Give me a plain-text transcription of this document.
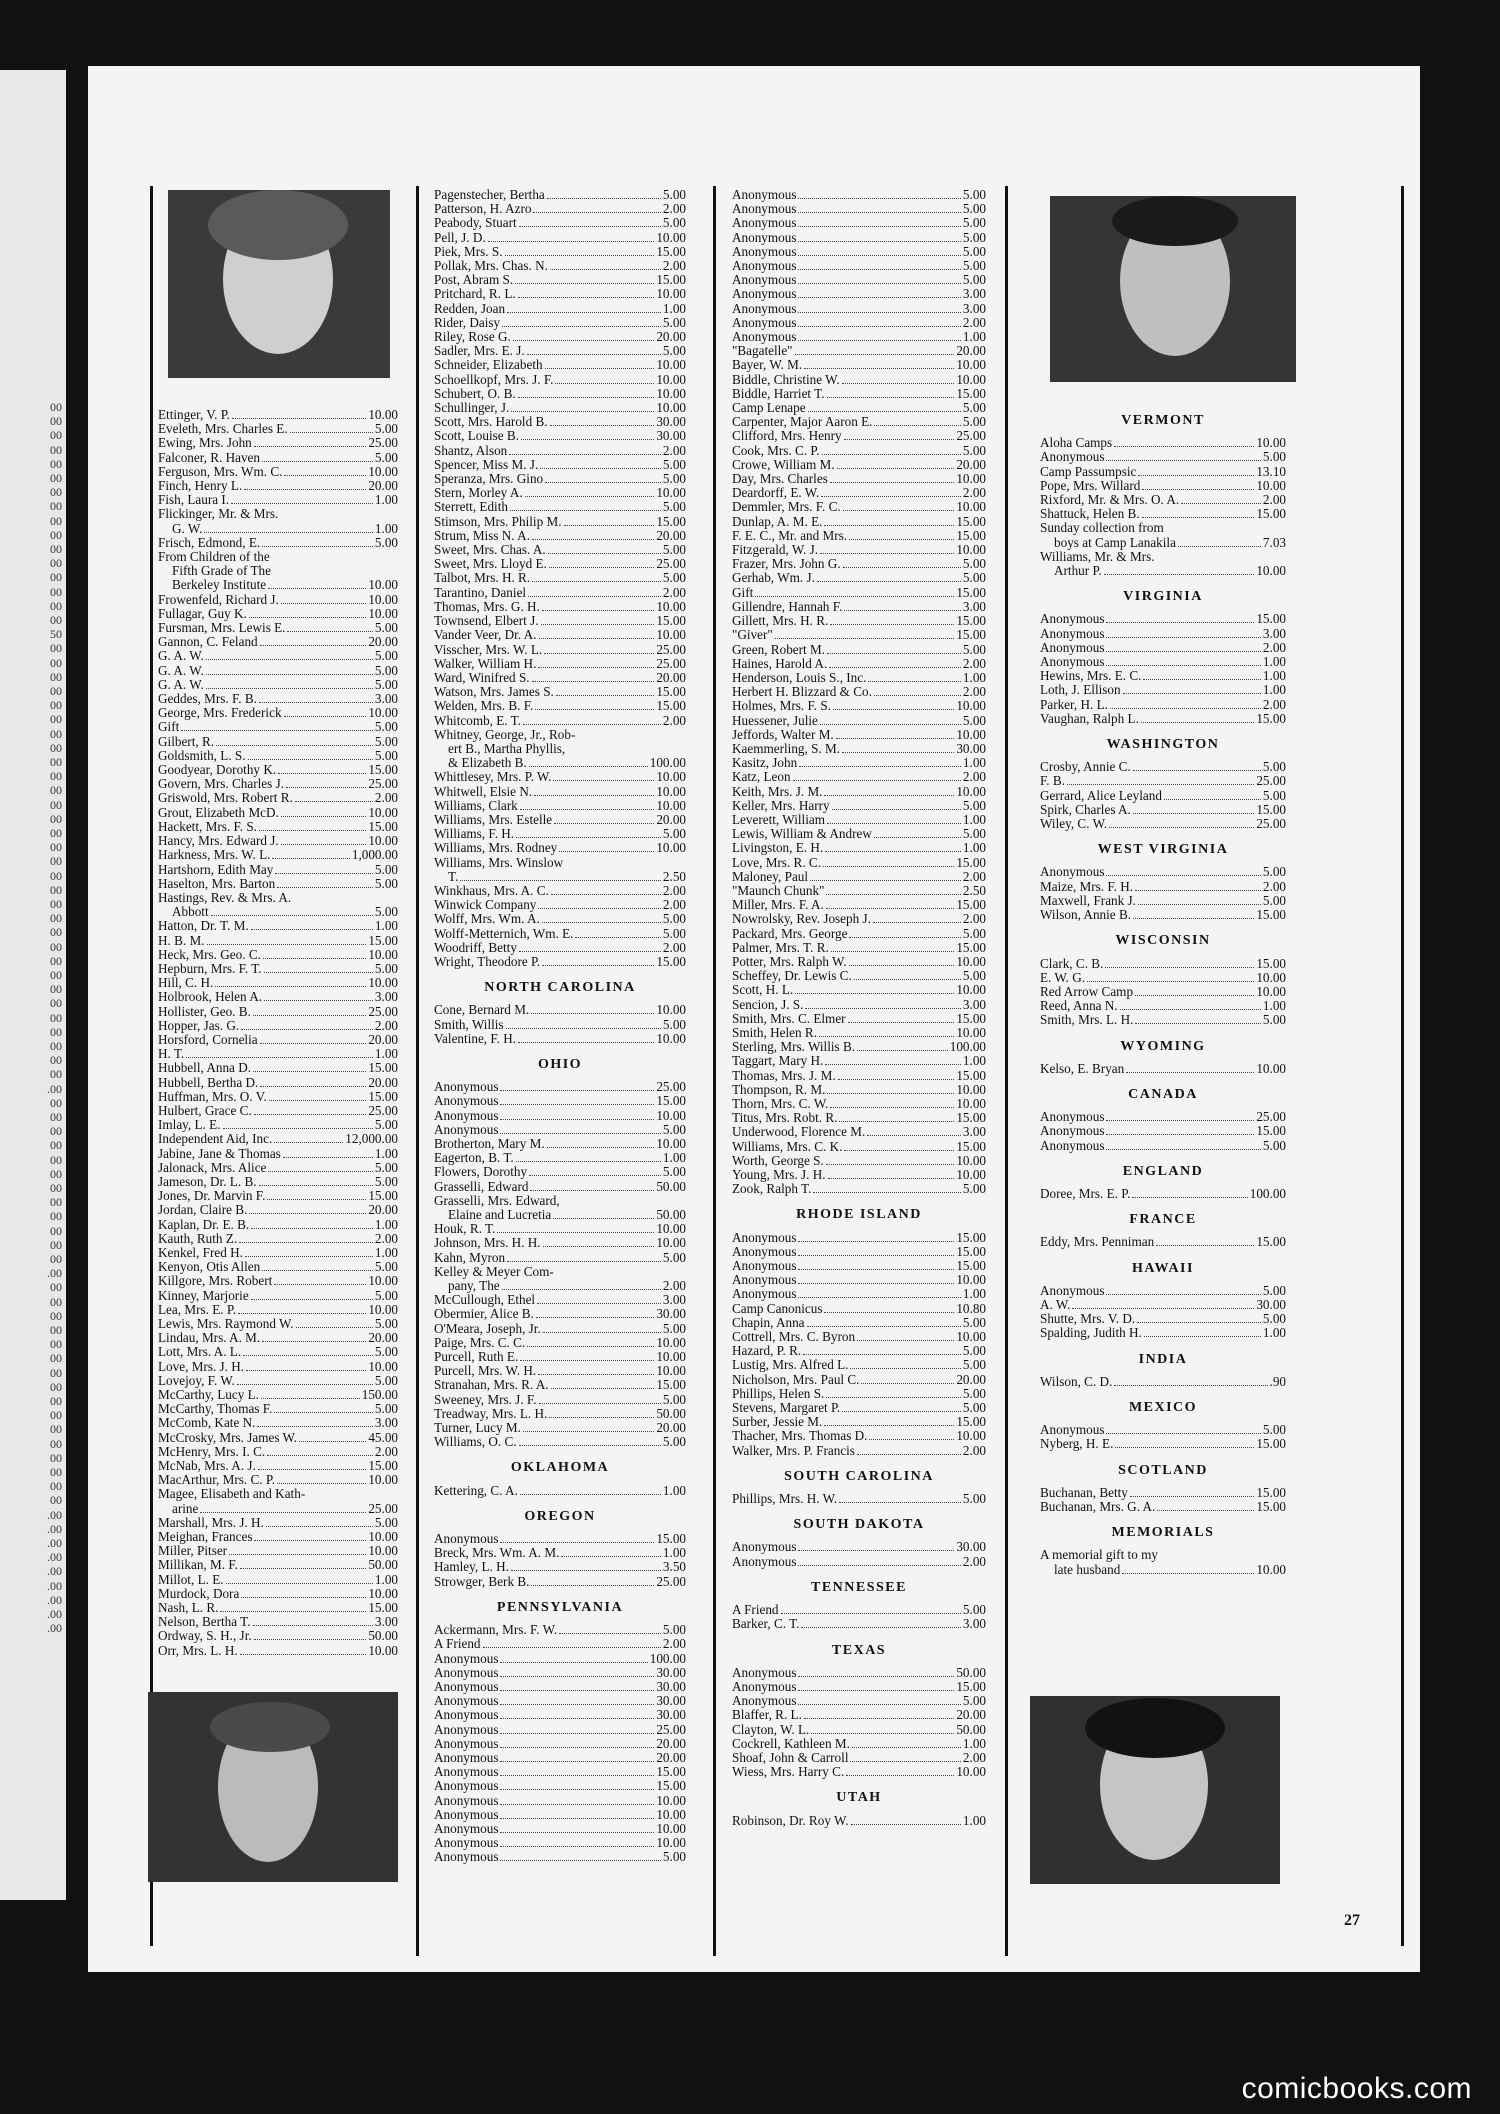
00
00
00
00
00
00
00
00
00
00
00
00
00
00
00
00
50
00
00
00
00
00
00
00
00
00
00
00
00
00
00
00
00
00
00
00
00
00
00
00
00
00
00
00
00
00
00
00
.00
00
00
00
00
00
00
00
00
00
00
00
00
.00
00
00
00
00
00
00
00
00
00
00
00
00
00
00
00
00
.00
.00
.00
.00
.00
.00
.00
.00
.00
Ettinger, V. P.	10.00
Eveleth, Mrs. Charles E.	5.00
Ewing, Mrs. John	25.00
Falconer, R. Haven	5.00
Ferguson, Mrs. Wm. C.	10.00
Finch, Henry L.	20.00
Fish, Laura I.	1.00
Flickinger, Mr. & Mrs.
G. W.	1.00
Frisch, Edmond, E.	5.00
From Children of the
Fifth Grade of The
Berkeley Institute	10.00
Frowenfeld, Richard J.	10.00
Fullagar, Guy K.	10.00
Fursman, Mrs. Lewis E.	5.00
Gannon, C. Feland	20.00
G. A. W.	5.00
G. A. W.	5.00
G. A. W.	5.00
Geddes, Mrs. F. B.	3.00
George, Mrs. Frederick	10.00
Gift	5.00
Gilbert, R.	5.00
Goldsmith, L. S.	5.00
Goodyear, Dorothy K.	15.00
Govern, Mrs. Charles J.	25.00
Griswold, Mrs. Robert R.	2.00
Grout, Elizabeth McD.	10.00
Hackett, Mrs. F. S.	15.00
Hancy, Mrs. Edward J.	10.00
Harkness, Mrs. W. L.	1,000.00
Hartshorn, Edith May	5.00
Haselton, Mrs. Barton	5.00
Hastings, Rev. & Mrs. A.
Abbott	5.00
Hatton, Dr. T. M.	1.00
H. B. M.	15.00
Heck, Mrs. Geo. C.	10.00
Hepburn, Mrs. F. T.	5.00
Hill, C. H.	10.00
Holbrook, Helen A.	3.00
Hollister, Geo. B.	25.00
Hopper, Jas. G.	2.00
Horsford, Cornelia	20.00
H. T.	1.00
Hubbell, Anna D.	15.00
Hubbell, Bertha D.	20.00
Huffman, Mrs. O. V.	15.00
Hulbert, Grace C.	25.00
Imlay, L. E.	5.00
Independent Aid, Inc.	12,000.00
Jabine, Jane & Thomas	1.00
Jalonack, Mrs. Alice	5.00
Jameson, Dr. L. B.	5.00
Jones, Dr. Marvin F.	15.00
Jordan, Claire B.	20.00
Kaplan, Dr. E. B.	1.00
Kauth, Ruth Z.	2.00
Kenkel, Fred H.	1.00
Kenyon, Otis Allen	5.00
Killgore, Mrs. Robert	10.00
Kinney, Marjorie	5.00
Lea, Mrs. E. P.	10.00
Lewis, Mrs. Raymond W.	5.00
Lindau, Mrs. A. M.	20.00
Lott, Mrs. A. L.	5.00
Love, Mrs. J. H.	10.00
Lovejoy, F. W.	5.00
McCarthy, Lucy L.	150.00
McCarthy, Thomas F.	5.00
McComb, Kate N.	3.00
McCrosky, Mrs. James W.	45.00
McHenry, Mrs. I. C.	2.00
McNab, Mrs. A. J.	15.00
MacArthur, Mrs. C. P.	10.00
Magee, Elisabeth and Kath-
arine	25.00
Marshall, Mrs. J. H.	5.00
Meighan, Frances	10.00
Miller, Pitser	10.00
Millikan, M. F.	50.00
Millot, L. E.	1.00
Murdock, Dora	10.00
Nash, L. R.	15.00
Nelson, Bertha T.	3.00
Ordway, S. H., Jr.	50.00
Orr, Mrs. L. H.	10.00
Pagenstecher, Bertha	5.00
Patterson, H. Azro	2.00
Peabody, Stuart	5.00
Pell, J. D.	10.00
Piek, Mrs. S.	15.00
Pollak, Mrs. Chas. N.	2.00
Post, Abram S.	15.00
Pritchard, R. L.	10.00
Redden, Joan	1.00
Rider, Daisy	5.00
Riley, Rose G.	20.00
Sadler, Mrs. E. J.	5.00
Schneider, Elizabeth	10.00
Schoellkopf, Mrs. J. F.	10.00
Schubert, O. B.	10.00
Schullinger, J.	10.00
Scott, Mrs. Harold B.	30.00
Scott, Louise B.	30.00
Shantz, Alson	2.00
Spencer, Miss M. J.	5.00
Speranza, Mrs. Gino	5.00
Stern, Morley A.	10.00
Sterrett, Edith	5.00
Stimson, Mrs. Philip M.	15.00
Strum, Miss N. A.	20.00
Sweet, Mrs. Chas. A.	5.00
Sweet, Mrs. Lloyd E.	25.00
Talbot, Mrs. H. R.	5.00
Tarantino, Daniel	2.00
Thomas, Mrs. G. H.	10.00
Townsend, Elbert J.	15.00
Vander Veer, Dr. A.	10.00
Visscher, Mrs. W. L.	25.00
Walker, William H.	25.00
Ward, Winifred S.	20.00
Watson, Mrs. James S.	15.00
Welden, Mrs. B. F.	15.00
Whitcomb, E. T.	2.00
Whitney, George, Jr., Rob-
ert B., Martha Phyllis,
& Elizabeth B.	100.00
Whittlesey, Mrs. P. W.	10.00
Whitwell, Elsie N.	10.00
Williams, Clark	10.00
Williams, Mrs. Estelle	20.00
Williams, F. H.	5.00
Williams, Mrs. Rodney	10.00
Williams, Mrs. Winslow
T.	2.50
Winkhaus, Mrs. A. C.	2.00
Winwick Company	2.00
Wolff, Mrs. Wm. A.	5.00
Wolff-Metternich, Wm. E.	5.00
Woodriff, Betty	2.00
Wright, Theodore P.	15.00
NORTH CAROLINA
Cone, Bernard M.	10.00
Smith, Willis	5.00
Valentine, F. H.	10.00
OHIO
Anonymous	25.00
Anonymous	15.00
Anonymous	10.00
Anonymous	5.00
Brotherton, Mary M.	10.00
Eagerton, B. T.	1.00
Flowers, Dorothy	5.00
Grasselli, Edward	50.00
Grasselli, Mrs. Edward,
Elaine and Lucretia	50.00
Houk, R. T.	10.00
Johnson, Mrs. H. H.	10.00
Kahn, Myron	5.00
Kelley & Meyer Com-
pany, The	2.00
McCullough, Ethel	3.00
Obermier, Alice B.	30.00
O'Meara, Joseph, Jr.	5.00
Paige, Mrs. C. C.	10.00
Purcell, Ruth E.	10.00
Purcell, Mrs. W. H.	10.00
Stranahan, Mrs. R. A.	15.00
Sweeney, Mrs. J. F.	5.00
Treadway, Mrs. L. H.	50.00
Turner, Lucy M.	20.00
Williams, O. C.	5.00
OKLAHOMA
Kettering, C. A.	1.00
OREGON
Anonymous	15.00
Breck, Mrs. Wm. A. M.	1.00
Hamley, L. H.	3.50
Strowger, Berk B.	25.00
PENNSYLVANIA
Ackermann, Mrs. F. W.	5.00
A Friend	2.00
Anonymous	100.00
Anonymous	30.00
Anonymous	30.00
Anonymous	30.00
Anonymous	30.00
Anonymous	25.00
Anonymous	20.00
Anonymous	20.00
Anonymous	15.00
Anonymous	15.00
Anonymous	10.00
Anonymous	10.00
Anonymous	10.00
Anonymous	10.00
Anonymous	5.00
Anonymous	5.00
Anonymous	5.00
Anonymous	5.00
Anonymous	5.00
Anonymous	5.00
Anonymous	5.00
Anonymous	5.00
Anonymous	3.00
Anonymous	3.00
Anonymous	2.00
Anonymous	1.00
"Bagatelle"	20.00
Bayer, W. M.	10.00
Biddle, Christine W.	10.00
Biddle, Harriet T.	15.00
Camp Lenape	5.00
Carpenter, Major Aaron E.	5.00
Clifford, Mrs. Henry	25.00
Cook, Mrs. C. P.	5.00
Crowe, William M.	20.00
Day, Mrs. Charles	10.00
Deardorff, E. W.	2.00
Demmler, Mrs. F. C.	10.00
Dunlap, A. M. E.	15.00
F. E. C., Mr. and Mrs.	15.00
Fitzgerald, W. J.	10.00
Frazer, Mrs. John G.	5.00
Gerhab, Wm. J.	5.00
Gift	15.00
Gillendre, Hannah F.	3.00
Gillett, Mrs. H. R.	15.00
"Giver"	15.00
Green, Robert M.	5.00
Haines, Harold A.	2.00
Henderson, Louis S., Inc.	1.00
Herbert H. Blizzard & Co.	2.00
Holmes, Mrs. F. S.	10.00
Huessener, Julie	5.00
Jeffords, Walter M.	10.00
Kaemmerling, S. M.	30.00
Kasitz, John	1.00
Katz, Leon	2.00
Keith, Mrs. J. M.	10.00
Keller, Mrs. Harry	5.00
Leverett, William	1.00
Lewis, William & Andrew	5.00
Livingston, E. H.	1.00
Love, Mrs. R. C.	15.00
Maloney, Paul	2.00
"Maunch Chunk"	2.50
Miller, Mrs. F. A.	15.00
Nowrolsky, Rev. Joseph J.	2.00
Packard, Mrs. George	5.00
Palmer, Mrs. T. R.	15.00
Potter, Mrs. Ralph W.	10.00
Scheffey, Dr. Lewis C.	5.00
Scott, H. L.	10.00
Sencion, J. S.	3.00
Smith, Mrs. C. Elmer	15.00
Smith, Helen R.	10.00
Sterling, Mrs. Willis B.	100.00
Taggart, Mary H.	1.00
Thomas, Mrs. J. M.	15.00
Thompson, R. M.	10.00
Thorn, Mrs. C. W.	10.00
Titus, Mrs. Robt. R.	15.00
Underwood, Florence M.	3.00
Williams, Mrs. C. K.	15.00
Worth, George S.	10.00
Young, Mrs. J. H.	10.00
Zook, Ralph T.	5.00
RHODE ISLAND
Anonymous	15.00
Anonymous	15.00
Anonymous	15.00
Anonymous	10.00
Anonymous	1.00
Camp Canonicus	10.80
Chapin, Anna	5.00
Cottrell, Mrs. C. Byron	10.00
Hazard, P. R.	5.00
Lustig, Mrs. Alfred L.	5.00
Nicholson, Mrs. Paul C.	20.00
Phillips, Helen S.	5.00
Stevens, Margaret P.	5.00
Surber, Jessie M.	15.00
Thacher, Mrs. Thomas D.	10.00
Walker, Mrs. P. Francis	2.00
SOUTH CAROLINA
Phillips, Mrs. H. W.	5.00
SOUTH DAKOTA
Anonymous	30.00
Anonymous	2.00
TENNESSEE
A Friend	5.00
Barker, C. T.	3.00
TEXAS
Anonymous	50.00
Anonymous	15.00
Anonymous	5.00
Blaffer, R. L.	20.00
Clayton, W. L.	50.00
Cockrell, Kathleen M.	1.00
Shoaf, John & Carroll	2.00
Wiess, Mrs. Harry C.	10.00
UTAH
Robinson, Dr. Roy W.	1.00
VERMONT
Aloha Camps	10.00
Anonymous	5.00
Camp Passumpsic	13.10
Pope, Mrs. Willard	10.00
Rixford, Mr. & Mrs. O. A.	2.00
Shattuck, Helen B.	15.00
Sunday collection from
boys at Camp Lanakila	7.03
Williams, Mr. & Mrs.
Arthur P.	10.00
VIRGINIA
Anonymous	15.00
Anonymous	3.00
Anonymous	2.00
Anonymous	1.00
Hewins, Mrs. E. C.	1.00
Loth, J. Ellison	1.00
Parker, H. L.	2.00
Vaughan, Ralph L.	15.00
WASHINGTON
Crosby, Annie C.	5.00
F. B.	25.00
Gerrard, Alice Leyland	5.00
Spirk, Charles A.	15.00
Wiley, C. W.	25.00
WEST VIRGINIA
Anonymous	5.00
Maize, Mrs. F. H.	2.00
Maxwell, Frank J.	5.00
Wilson, Annie B.	15.00
WISCONSIN
Clark, C. B.	15.00
E. W. G.	10.00
Red Arrow Camp	10.00
Reed, Anna N.	1.00
Smith, Mrs. L. H.	5.00
WYOMING
Kelso, E. Bryan	10.00
CANADA
Anonymous	25.00
Anonymous	15.00
Anonymous	5.00
ENGLAND
Doree, Mrs. E. P.	100.00
FRANCE
Eddy, Mrs. Penniman	15.00
HAWAII
Anonymous	5.00
A. W.	30.00
Shutte, Mrs. V. D.	5.00
Spalding, Judith H.	1.00
INDIA
Wilson, C. D.	.90
MEXICO
Anonymous	5.00
Nyberg, H. E.	15.00
SCOTLAND
Buchanan, Betty	15.00
Buchanan, Mrs. G. A.	15.00
MEMORIALS
A memorial gift to my
late husband	10.00
27
comicbooks.com
